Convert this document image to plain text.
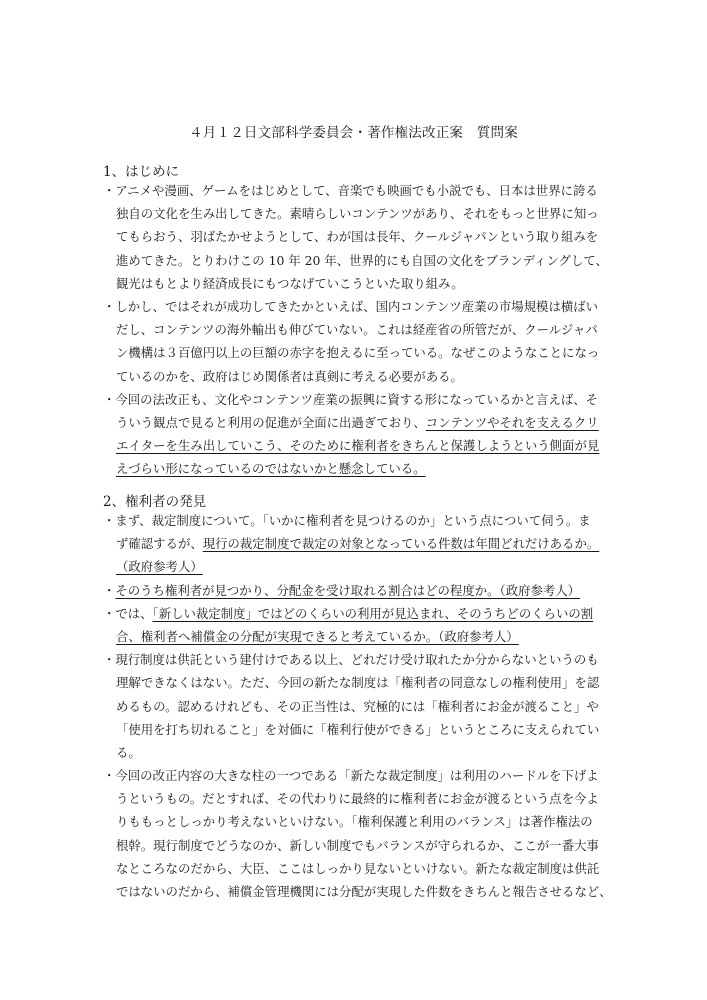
４月１２日文部科学委員会・著作権法改正案　質問案
1、はじめに
・アニメや漫画、ゲームをはじめとして、音楽でも映画でも小説でも、日本は世界に誇る
独自の文化を生み出してきた。素晴らしいコンテンツがあり、それをもっと世界に知っ
てもらおう、羽ばたかせようとして、わが国は長年、クールジャパンという取り組みを
進めてきた。とりわけこの 10 年 20 年、世界的にも自国の文化をブランディングして、
観光はもとより経済成長にもつなげていこうといた取り組み。
・しかし、ではそれが成功してきたかといえば、国内コンテンツ産業の市場規模は横ばい
だし、コンテンツの海外輸出も伸びていない。これは経産省の所管だが、クールジャパ
ン機構は３百億円以上の巨額の赤字を抱えるに至っている。なぜこのようなことになっ
ているのかを、政府はじめ関係者は真剣に考える必要がある。
・今回の法改正も、文化やコンテンツ産業の振興に資する形になっているかと言えば、そ
ういう観点で見ると利用の促進が全面に出過ぎており、コンテンツやそれを支えるクリ
エイターを生み出していこう、そのために権利者をきちんと保護しようという側面が見
えづらい形になっているのではないかと懸念している。
2、権利者の発見
・まず、裁定制度について。「いかに権利者を見つけるのか」という点について伺う。ま
ず確認するが、現行の裁定制度で裁定の対象となっている件数は年間どれだけあるか。
（政府参考人）
・そのうち権利者が見つかり、分配金を受け取れる割合はどの程度か。（政府参考人）
・では、「新しい裁定制度」ではどのくらいの利用が見込まれ、そのうちどのくらいの割
合、権利者へ補償金の分配が実現できると考えているか。（政府参考人）
・現行制度は供託という建付けである以上、どれだけ受け取れたか分からないというのも
理解できなくはない。ただ、今回の新たな制度は「権利者の同意なしの権利使用」を認
めるもの。認めるけれども、その正当性は、究極的には「権利者にお金が渡ること」や
「使用を打ち切れること」を対価に「権利行使ができる」というところに支えられてい
る。
・今回の改正内容の大きな柱の一つである「新たな裁定制度」は利用のハードルを下げよ
うというもの。だとすれば、その代わりに最終的に権利者にお金が渡るという点を今よ
りももっとしっかり考えないといけない。「権利保護と利用のバランス」は著作権法の
根幹。現行制度でどうなのか、新しい制度でもバランスが守られるか、ここが一番大事
なところなのだから、大臣、ここはしっかり見ないといけない。新たな裁定制度は供託
ではないのだから、補償金管理機関には分配が実現した件数をきちんと報告させるなど、
